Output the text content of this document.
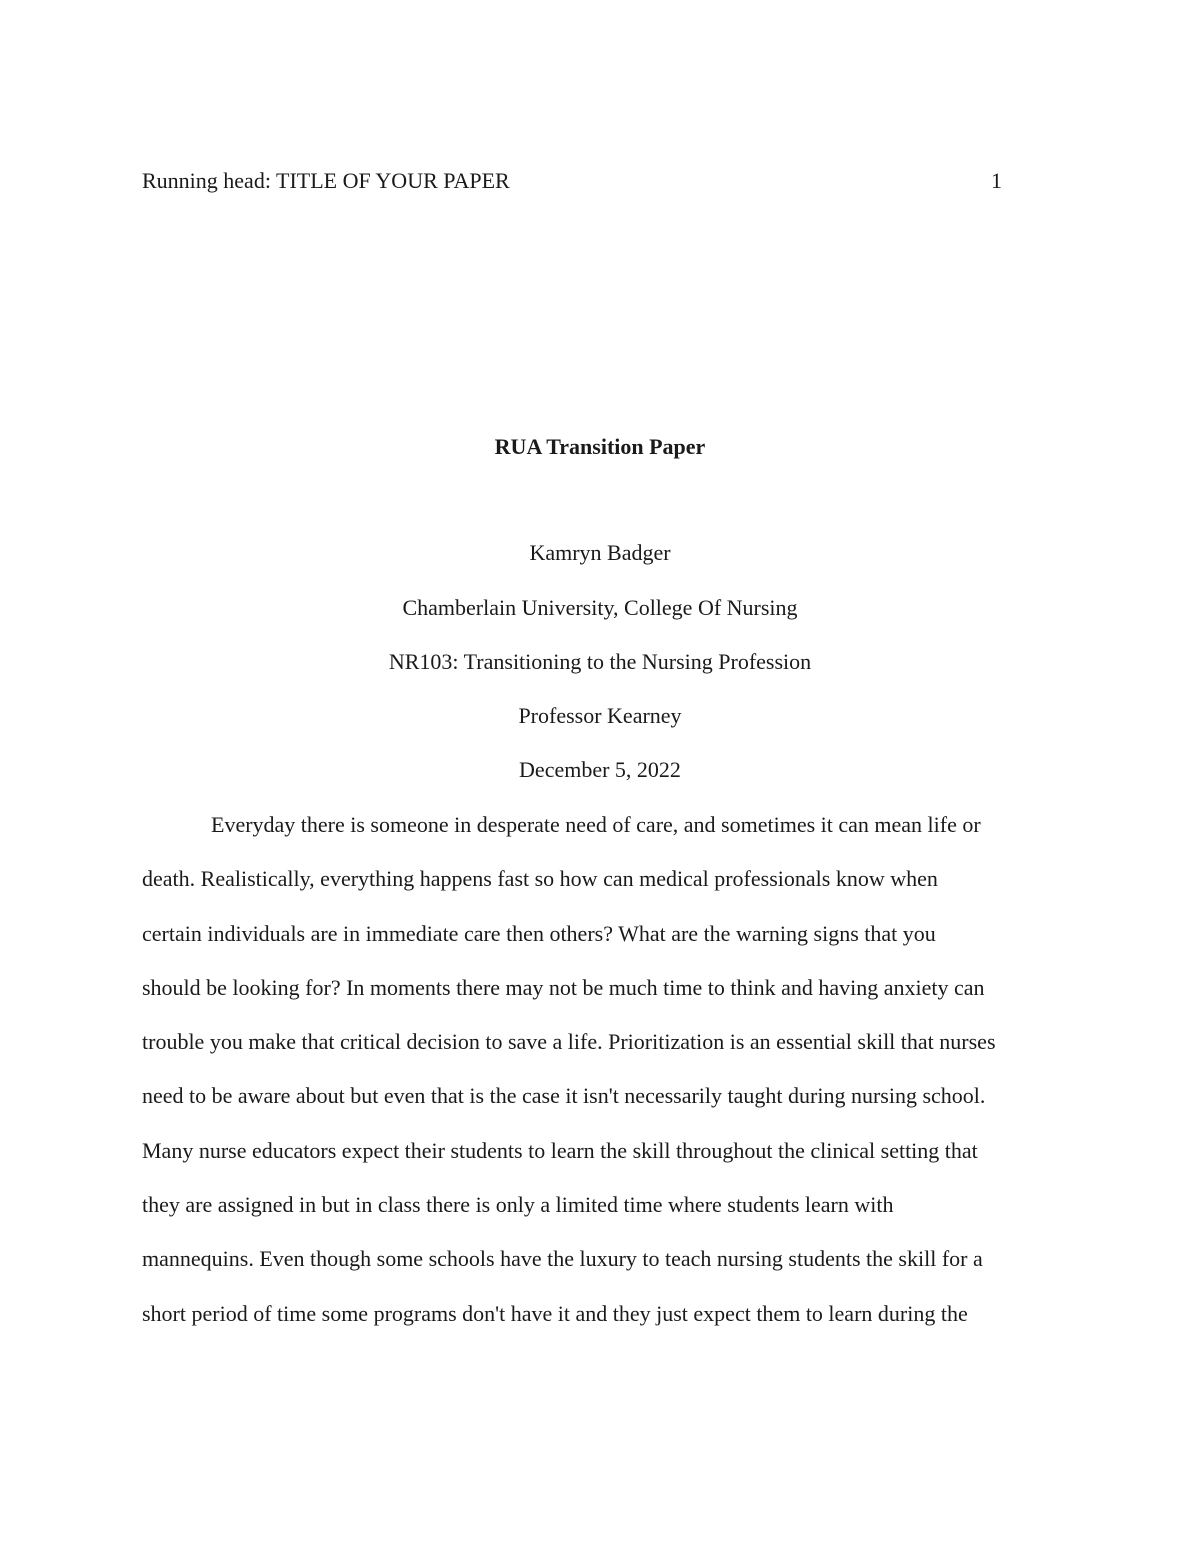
Running head: TITLE OF YOUR PAPER	1
RUA Transition Paper
Kamryn Badger
Chamberlain University, College Of Nursing
NR103: Transitioning to the Nursing Profession
Professor Kearney
December 5, 2022
Everyday there is someone in desperate need of care, and sometimes it can mean life or
death. Realistically, everything happens fast so how can medical professionals know when
certain individuals are in immediate care then others? What are the warning signs that you
should be looking for? In moments there may not be much time to think and having anxiety can
trouble you make that critical decision to save a life. Prioritization is an essential skill that nurses
need to be aware about but even that is the case it isn't necessarily taught during nursing school.
Many nurse educators expect their students to learn the skill throughout the clinical setting that
they are assigned in but in class there is only a limited time where students learn with
mannequins. Even though some schools have the luxury to teach nursing students the skill for a
short period of time some programs don't have it and they just expect them to learn during the
